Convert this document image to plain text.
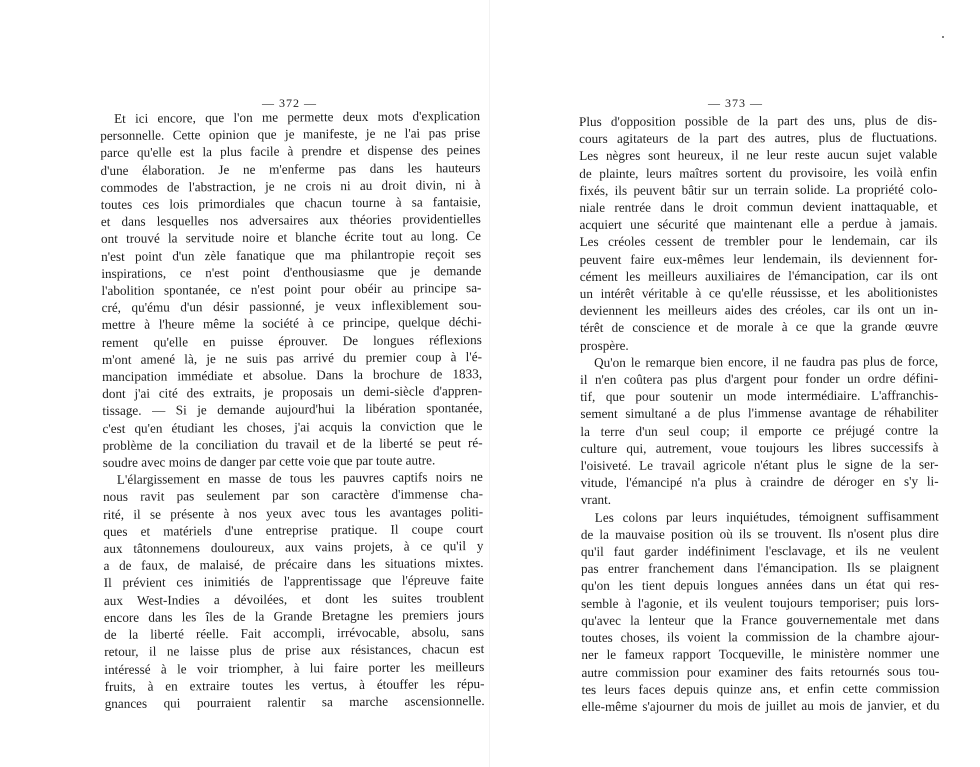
— 372 —
Et ici encore, que l'on me permette deux mots d'explication
personnelle. Cette opinion que je manifeste, je ne l'ai pas prise
parce qu'elle est la plus facile à prendre et dispense des peines
d'une élaboration. Je ne m'enferme pas dans les hauteurs
commodes de l'abstraction, je ne crois ni au droit divin, ni à
toutes ces lois primordiales que chacun tourne à sa fantaisie,
et dans lesquelles nos adversaires aux théories providentielles
ont trouvé la servitude noire et blanche écrite tout au long. Ce
n'est point d'un zèle fanatique que ma philantropie reçoit ses
inspirations, ce n'est point d'enthousiasme que je demande
l'abolition spontanée, ce n'est point pour obéir au principe sa-
cré, qu'ému d'un désir passionné, je veux inflexiblement sou-
mettre à l'heure même la société à ce principe, quelque déchi-
rement qu'elle en puisse éprouver. De longues réflexions
m'ont amené là, je ne suis pas arrivé du premier coup à l'é-
mancipation immédiate et absolue. Dans la brochure de 1833,
dont j'ai cité des extraits, je proposais un demi-siècle d'appren-
tissage. — Si je demande aujourd'hui la libération spontanée,
c'est qu'en étudiant les choses, j'ai acquis la conviction que le
problème de la conciliation du travail et de la liberté se peut ré-
soudre avec moins de danger par cette voie que par toute autre.
L'élargissement en masse de tous les pauvres captifs noirs ne
nous ravit pas seulement par son caractère d'immense cha-
rité, il se présente à nos yeux avec tous les avantages politi-
ques et matériels d'une entreprise pratique. Il coupe court
aux tâtonnemens douloureux, aux vains projets, à ce qu'il y
a de faux, de malaisé, de précaire dans les situations mixtes.
Il prévient ces inimitiés de l'apprentissage que l'épreuve faite
aux West-Indies a dévoilées, et dont les suites troublent
encore dans les îles de la Grande Bretagne les premiers jours
de la liberté réelle. Fait accompli, irrévocable, absolu, sans
retour, il ne laisse plus de prise aux résistances, chacun est
intéressé à le voir triompher, à lui faire porter les meilleurs
fruits, à en extraire toutes les vertus, à étouffer les répu-
gnances qui pourraient ralentir sa marche ascensionnelle.
— 373 —
Plus d'opposition possible de la part des uns, plus de dis-
cours agitateurs de la part des autres, plus de fluctuations.
Les nègres sont heureux, il ne leur reste aucun sujet valable
de plainte, leurs maîtres sortent du provisoire, les voilà enfin
fixés, ils peuvent bâtir sur un terrain solide. La propriété colo-
niale rentrée dans le droit commun devient inattaquable, et
acquiert une sécurité que maintenant elle a perdue à jamais.
Les créoles cessent de trembler pour le lendemain, car ils
peuvent faire eux-mêmes leur lendemain, ils deviennent for-
cément les meilleurs auxiliaires de l'émancipation, car ils ont
un intérêt véritable à ce qu'elle réussisse, et les abolitionistes
deviennent les meilleurs aides des créoles, car ils ont un in-
térêt de conscience et de morale à ce que la grande œuvre
prospère.
Qu'on le remarque bien encore, il ne faudra pas plus de force,
il n'en coûtera pas plus d'argent pour fonder un ordre défini-
tif, que pour soutenir un mode intermédiaire. L'affranchis-
sement simultané a de plus l'immense avantage de réhabiliter
la terre d'un seul coup; il emporte ce préjugé contre la
culture qui, autrement, voue toujours les libres successifs à
l'oisiveté. Le travail agricole n'étant plus le signe de la ser-
vitude, l'émancipé n'a plus à craindre de déroger en s'y li-
vrant.
Les colons par leurs inquiétudes, témoignent suffisamment
de la mauvaise position où ils se trouvent. Ils n'osent plus dire
qu'il faut garder indéfiniment l'esclavage, et ils ne veulent
pas entrer franchement dans l'émancipation. Ils se plaignent
qu'on les tient depuis longues années dans un état qui res-
semble à l'agonie, et ils veulent toujours temporiser; puis lors-
qu'avec la lenteur que la France gouvernementale met dans
toutes choses, ils voient la commission de la chambre ajour-
ner le fameux rapport Tocqueville, le ministère nommer une
autre commission pour examiner des faits retournés sous tou-
tes leurs faces depuis quinze ans, et enfin cette commission
elle-même s'ajourner du mois de juillet au mois de janvier, et du
